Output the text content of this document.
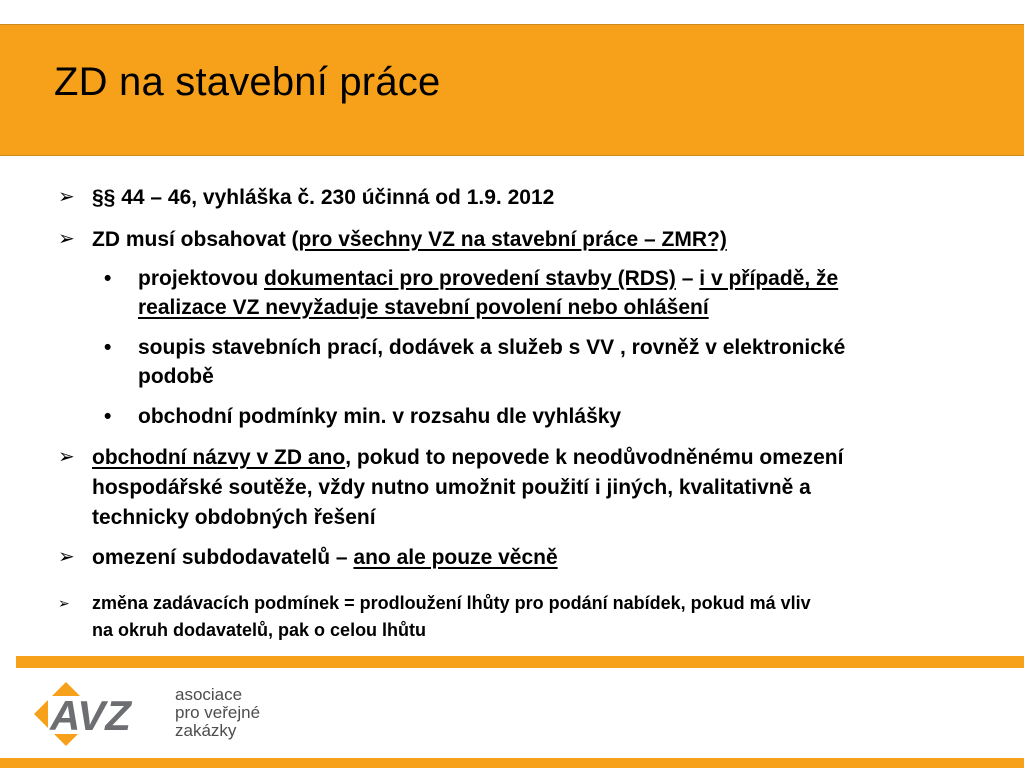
ZD na stavební práce
➢ §§ 44 – 46, vyhláška č. 230 účinná od 1.9. 2012
➢ ZD musí obsahovat (pro všechny VZ na stavební práce – ZMR?)
•	projektovou dokumentaci pro provedení stavby (RDS) – i v případě, že
realizace VZ nevyžaduje stavební povolení nebo ohlášení
•	soupis stavebních prací, dodávek a služeb s VV , rovněž v elektronické
podobě
•	obchodní podmínky min. v rozsahu dle vyhlášky
➢ obchodní názvy v ZD ano, pokud to nepovede k neodůvodněnému omezení
hospodářské soutěže, vždy nutno umožnit použití i jiných, kvalitativně a
technicky obdobných řešení
➢ omezení subdodavatelů – ano ale pouze věcně
➢	změna zadávacích podmínek = prodloužení lhůty pro podání nabídek, pokud má vliv
na okruh dodavatelů, pak o celou lhůtu
AVZ	asociace
pro veřejné
zakázky
